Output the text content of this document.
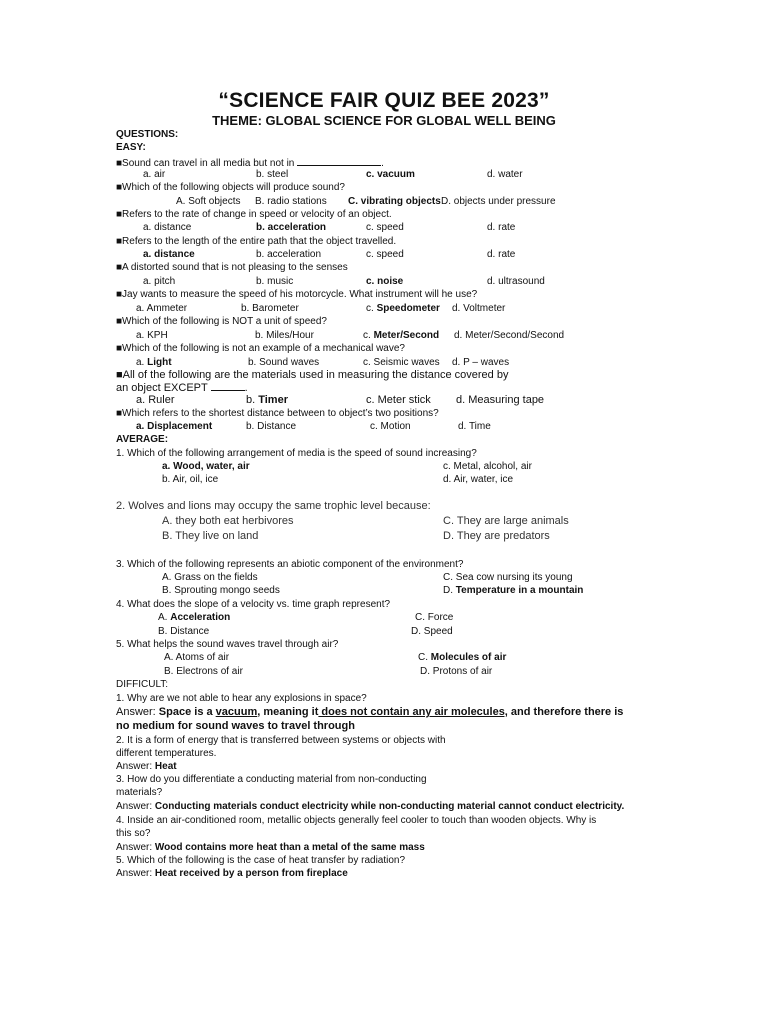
“SCIENCE FAIR QUIZ BEE 2023”
THEME: GLOBAL SCIENCE FOR GLOBAL WELL BEING
QUESTIONS:
EASY:
■Sound can travel in all media but not in	.
a. air	b. steel	c. vacuum	d. water
■Which of the following objects will produce sound?
A. Soft objects B. radio stations C. vibrating objects D. objects under pressure
■Refers to the rate of change in speed or velocity of an object.
a. distance	b. acceleration	c. speed	d. rate
■Refers to the length of the entire path that the object travelled.
a. distance	b. acceleration	c. speed	d. rate
■A distorted sound that is not pleasing to the senses
a. pitch	b. music	c. noise	d. ultrasound
■Jay wants to measure the speed of his motorcycle. What instrument will he use?
a. Ammeter	b. Barometer	c. Speedometer d. Voltmeter
■Which of the following is NOT a unit of speed?
a. KPH	b. Miles/Hour	c. Meter/Second d. Meter/Second/Second
■Which of the following is not an example of a mechanical wave?
a. Light	b. Sound waves	c. Seismic waves d. P – waves
■All of the following are the materials used in measuring the distance covered by
an object EXCEPT	.
a. Ruler	b. Timer	c. Meter stick d. Measuring tape
■Which refers to the shortest distance between to object’s two positions?
a. Displacement	b. Distance	c. Motion	d. Time
AVERAGE:
1. Which of the following arrangement of media is the speed of sound increasing?
a. Wood, water, air
b. Air, oil, ice
c. Metal, alcohol, air
d. Air, water, ice
2. Wolves and lions may occupy the same trophic level because:
A. they both eat herbivores
B. They live on land
C. They are large animals
D. They are predators
3. Which of the following represents an abiotic component of the environment?
A. Grass on the fields
B. Sprouting mongo seeds
C. Sea cow nursing its young
D. Temperature in a mountain
4. What does the slope of a velocity vs. time graph represent?
A. Acceleration
B. Distance
C. Force
D. Speed
5. What helps the sound waves travel through air?
A. Atoms of air
B. Electrons of air
C. Molecules of air
D. Protons of air
DIFFICULT:
1. Why are we not able to hear any explosions in space?
Answer: Space is a vacuum, meaning it does not contain any air molecules, and therefore there is
no medium for sound waves to travel through
2. It is a form of energy that is transferred between systems or objects with
different temperatures.
Answer: Heat
3. How do you differentiate a conducting material from non-conducting
materials?
Answer: Conducting materials conduct electricity while non-conducting material cannot conduct electricity.
4. Inside an air-conditioned room, metallic objects generally feel cooler to touch than wooden objects. Why is
this so?
Answer: Wood contains more heat than a metal of the same mass
5. Which of the following is the case of heat transfer by radiation?
Answer: Heat received by a person from fireplace
